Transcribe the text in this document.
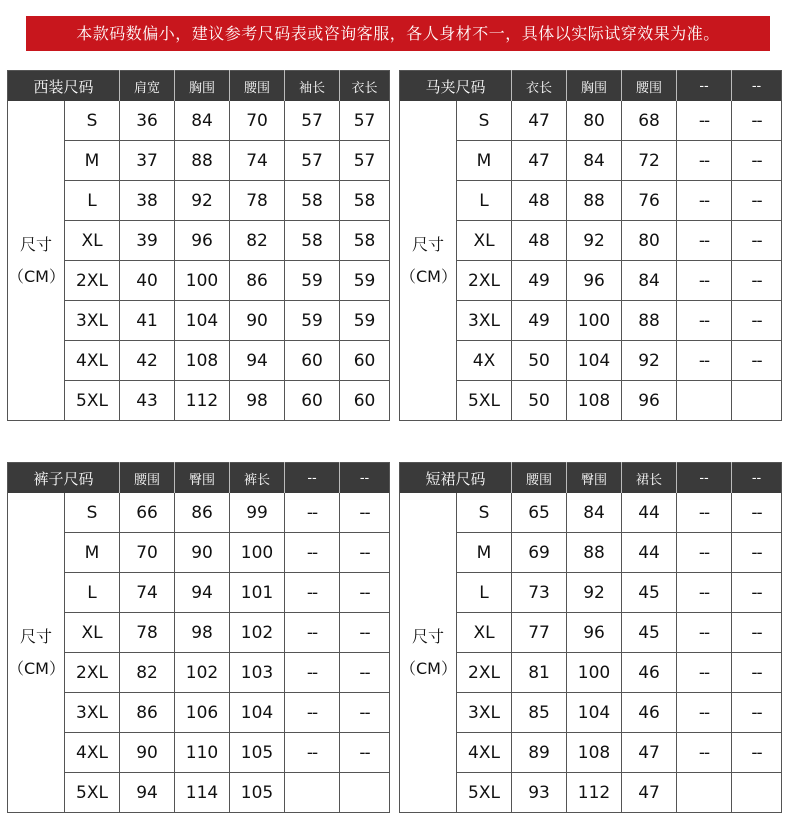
本款码数偏小，建议参考尺码表或咨询客服，各人身材不一，具体以实际试穿效果为准。
西装尺码		肩宽	胸围	腰围	袖长	衣长

尺寸
（CM）	S	36	84	70	57	57
	M	37	88	74	57	57
	L	38	92	78	58	58
	XL	39	96	82	58	58
	2XL	40	100	86	59	59
	3XL	41	104	90	59	59
	4XL	42	108	94	60	60
	5XL	43	112	98	60	60
马夹尺码		衣长	胸围	腰围	--	--

尺寸
（CM）	S	47	80	68	--	--
	M	47	84	72	--	--
	L	48	88	76	--	--
	XL	48	92	80	--	--
	2XL	49	96	84	--	--
	3XL	49	100	88	--	--
	4X	50	104	92	--	--
	5XL	50	108	96		
裤子尺码		腰围	臀围	裤长	--	--

尺寸
（CM）	S	66	86	99	--	--
	M	70	90	100	--	--
	L	74	94	101	--	--
	XL	78	98	102	--	--
	2XL	82	102	103	--	--
	3XL	86	106	104	--	--
	4XL	90	110	105	--	--
	5XL	94	114	105		
短裙尺码		腰围	臀围	裙长	--	--

尺寸
（CM）	S	65	84	44	--	--
	M	69	88	44	--	--
	L	73	92	45	--	--
	XL	77	96	45	--	--
	2XL	81	100	46	--	--
	3XL	85	104	46	--	--
	4XL	89	108	47	--	--
	5XL	93	112	47		
